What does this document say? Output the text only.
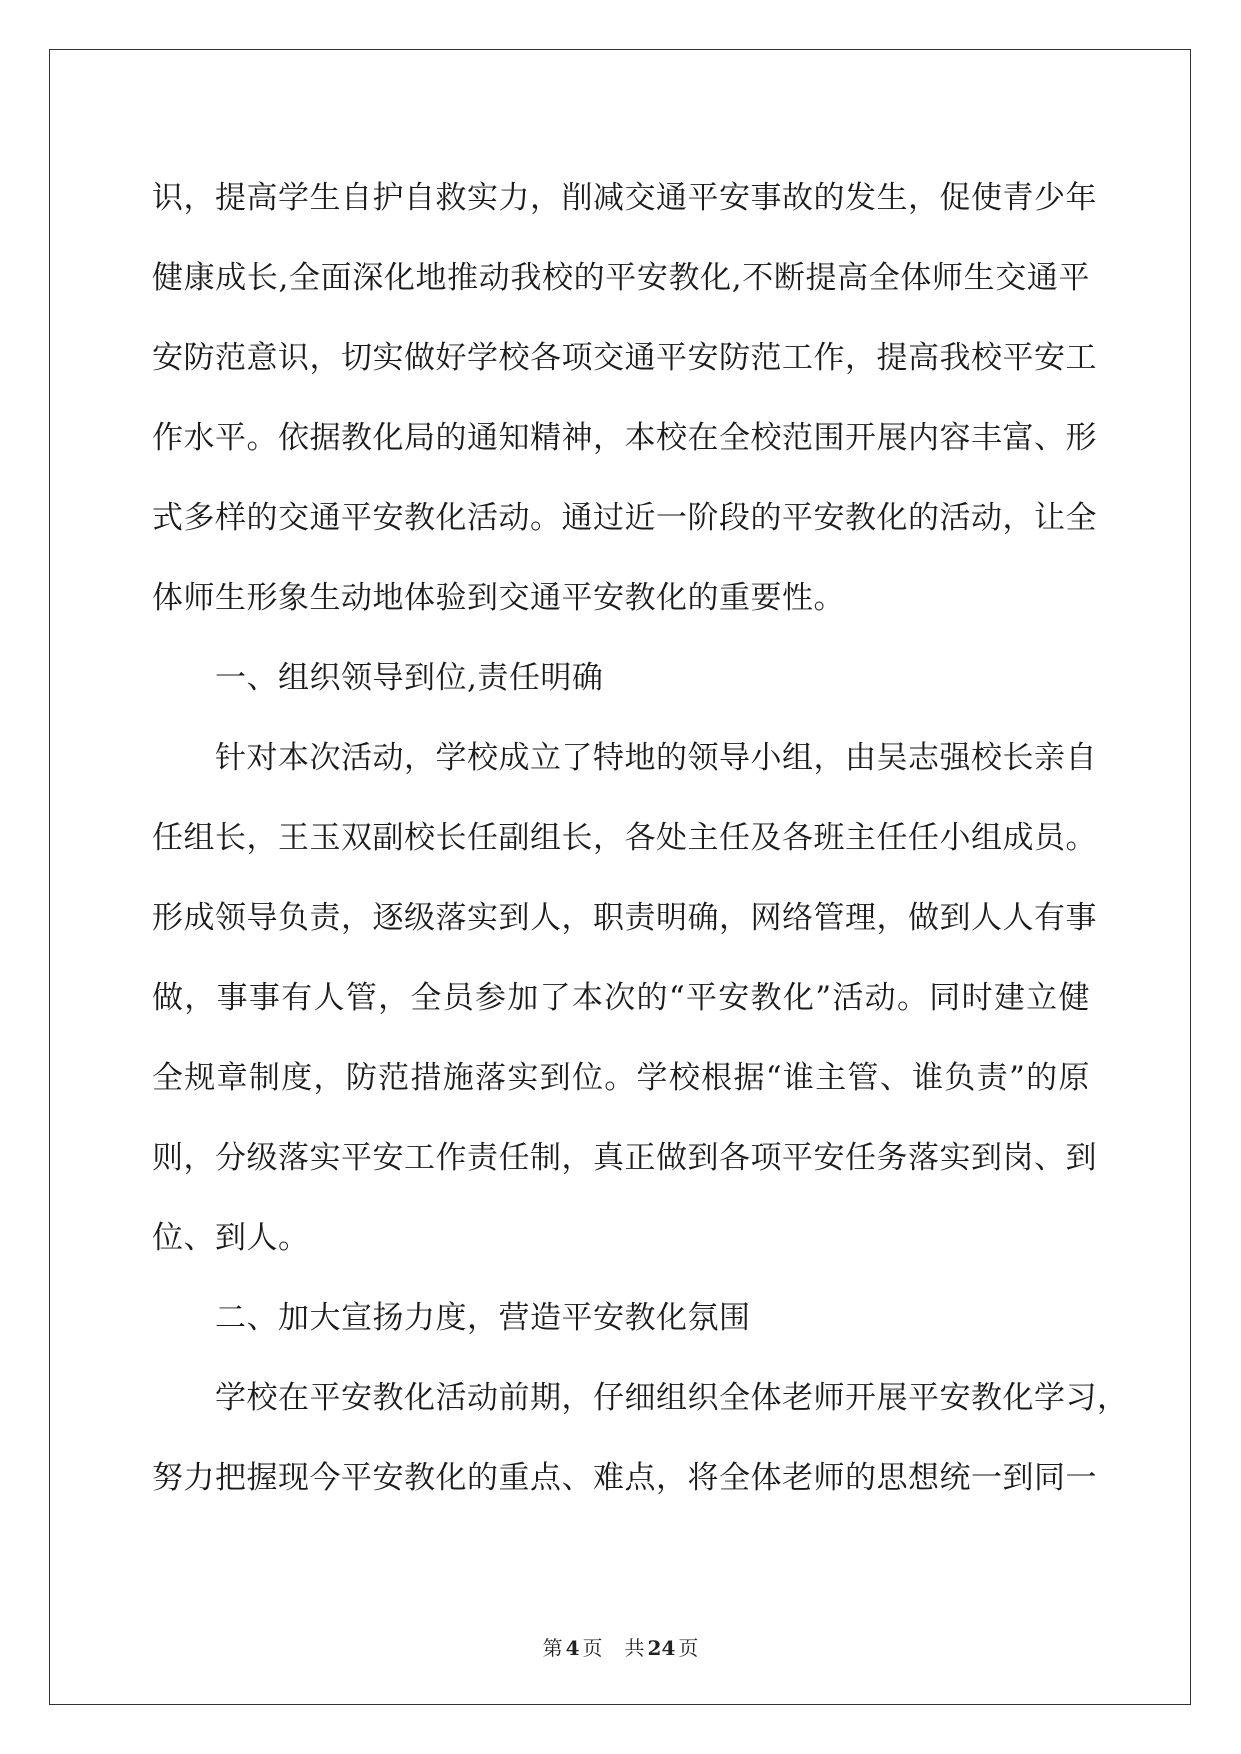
识，提高学生自护自救实力，削减交通平安事故的发生，促使青少年
健康成长,全面深化地推动我校的平安教化,不断提高全体师生交通平
安防范意识，切实做好学校各项交通平安防范工作，提高我校平安工
作水平。依据教化局的通知精神，本校在全校范围开展内容丰富、形
式多样的交通平安教化活动。通过近一阶段的平安教化的活动，让全
体师生形象生动地体验到交通平安教化的重要性。
一、组织领导到位,责任明确
针对本次活动，学校成立了特地的领导小组，由吴志强校长亲自
任组长，王玉双副校长任副组长，各处主任及各班主任任小组成员。
形成领导负责，逐级落实到人，职责明确，网络管理，做到人人有事
做，事事有人管，全员参加了本次的“平安教化”活动。同时建立健
全规章制度，防范措施落实到位。学校根据“谁主管、谁负责”的原
则，分级落实平安工作责任制，真正做到各项平安任务落实到岗、到
位、到人。
二、加大宣扬力度，营造平安教化氛围
学校在平安教化活动前期，仔细组织全体老师开展平安教化学习，
努力把握现今平安教化的重点、难点，将全体老师的思想统一到同一
第 4 页 共 24 页
